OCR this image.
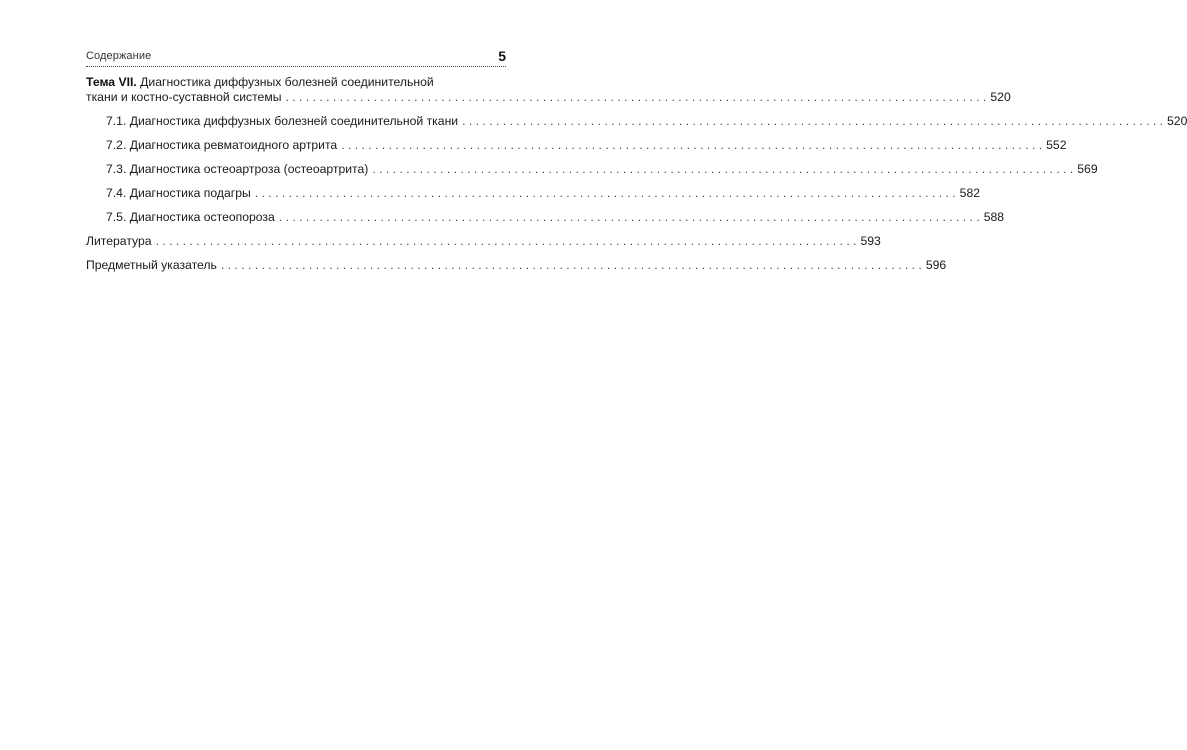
Содержание	5
Тема VII. Диагностика диффузных болезней соединительной
ткани и костно-суставной системы . . .	520
7.1. Диагностика диффузных болезней соединительной ткани . . .	520
7.2. Диагностика ревматоидного артрита . . .	552
7.3. Диагностика остеоартроза (остеоартрита) . . .	569
7.4. Диагностика подагры . . .	582
7.5. Диагностика остеопороза . . .	588
Литература . . .	593
Предметный указатель . . .	596
